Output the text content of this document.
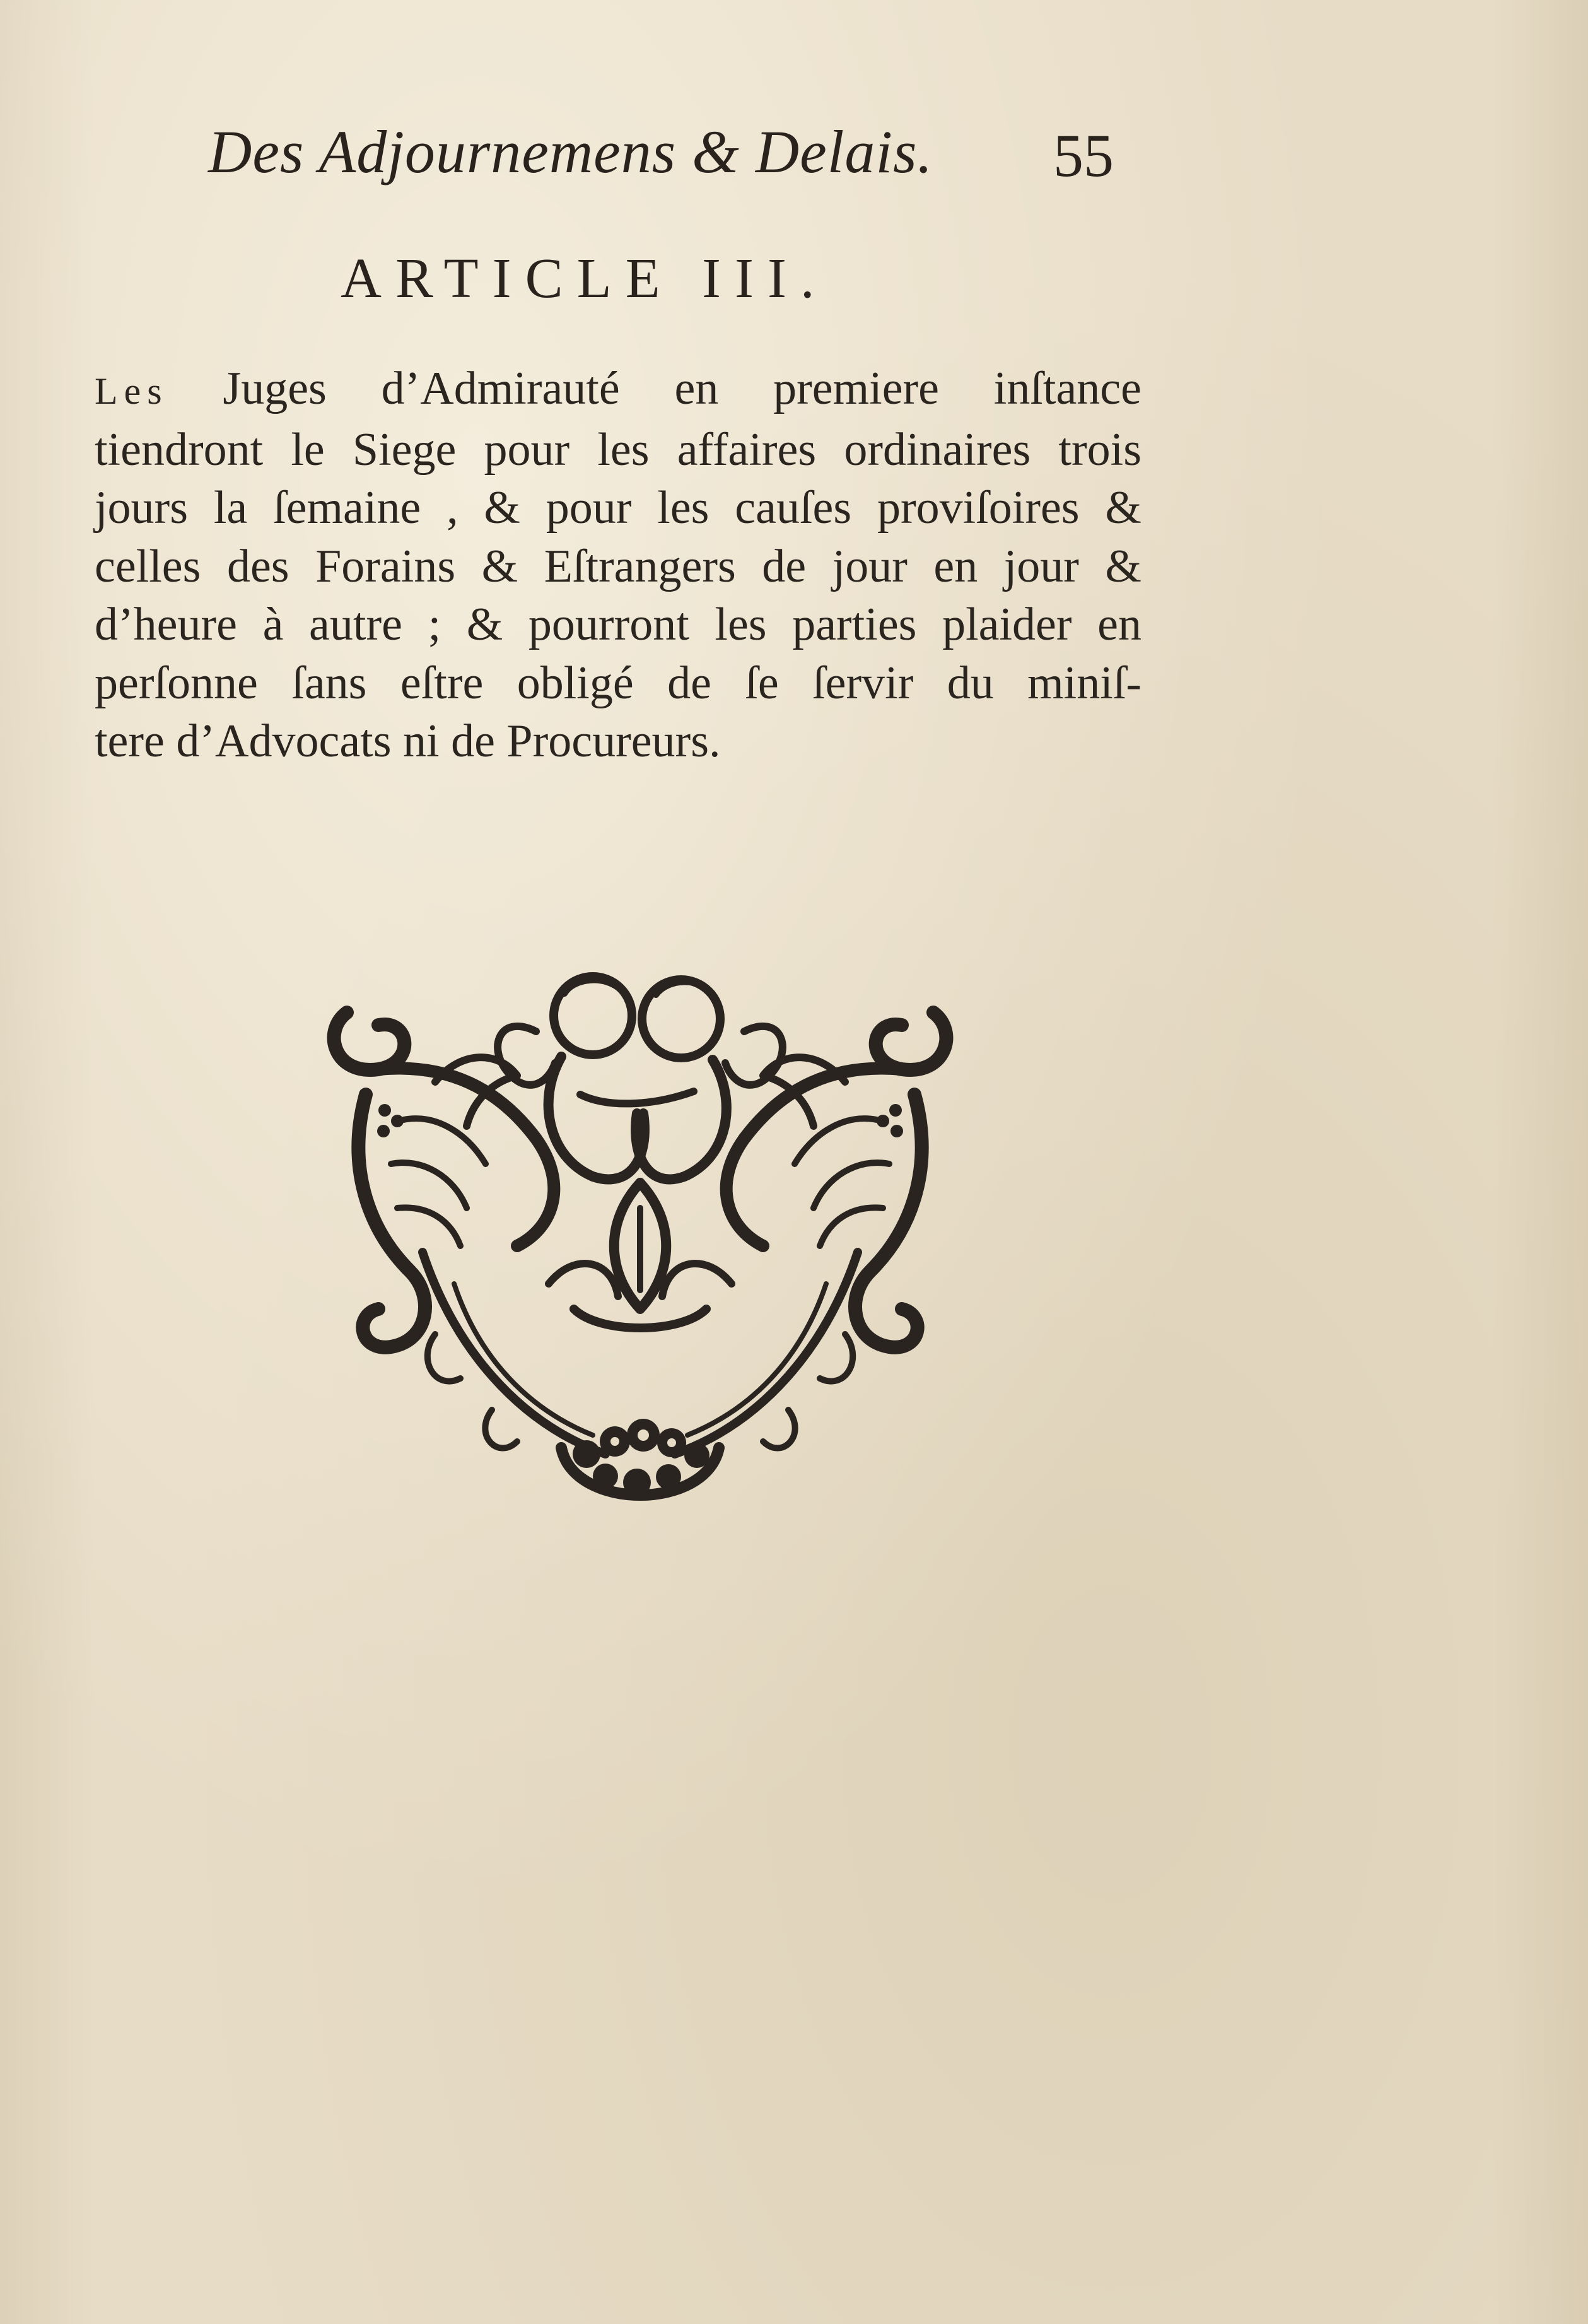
Des Adjournemens & Delais. 55
ARTICLE III.
Les Juges d’Admirauté en premiere inſtance
tiendront le Siege pour les affaires ordinaires trois
jours la ſemaine , & pour les cauſes proviſoires &
celles des Forains & Eſtrangers de jour en jour &
d’heure à autre ; & pourront les parties plaider en
perſonne ſans eſtre obligé de ſe ſervir du miniſ-
tere d’Advocats ni de Procureurs.
